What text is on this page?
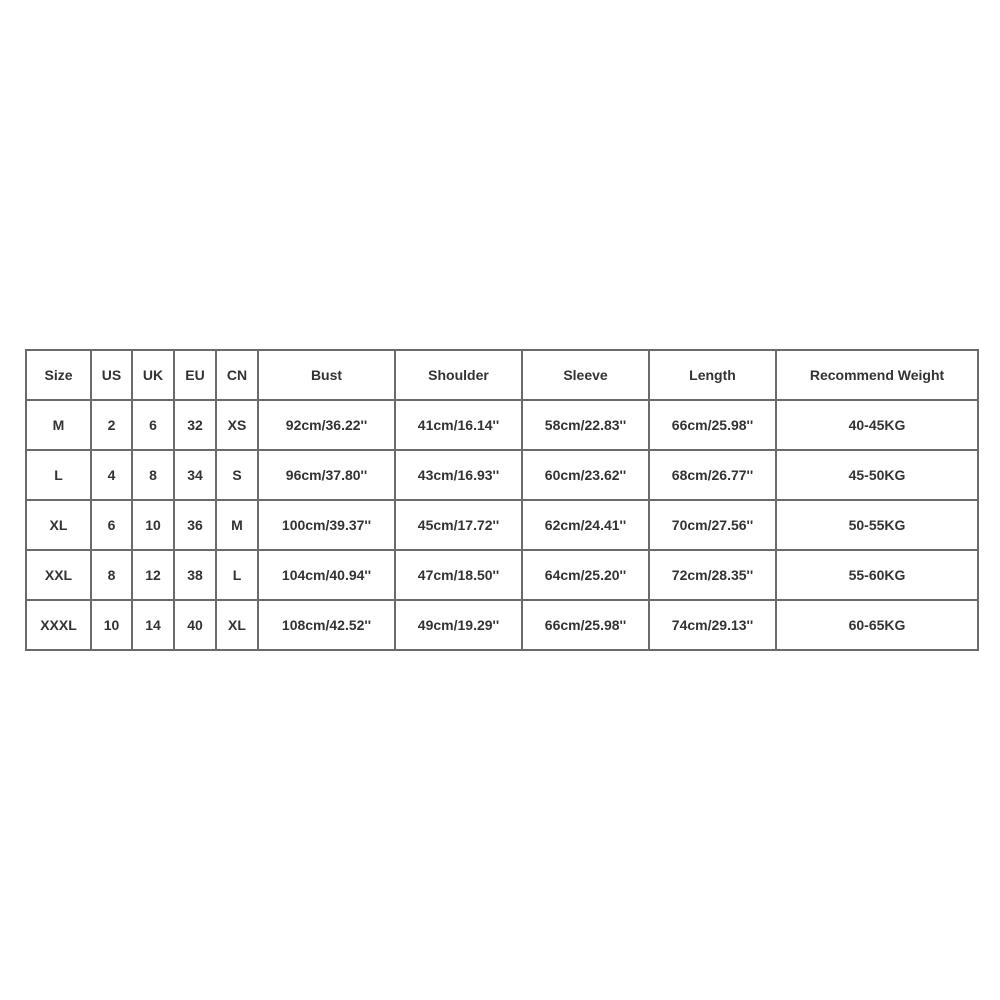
Size	US	UK	EU	CN	Bust	Shoulder	Sleeve	Length	Recommend Weight
M	2	6	32	XS	92cm/36.22''	41cm/16.14''	58cm/22.83''	66cm/25.98''	40-45KG
L	4	8	34	S	96cm/37.80''	43cm/16.93''	60cm/23.62''	68cm/26.77''	45-50KG
XL	6	10	36	M	100cm/39.37''	45cm/17.72''	62cm/24.41''	70cm/27.56''	50-55KG
XXL	8	12	38	L	104cm/40.94''	47cm/18.50''	64cm/25.20''	72cm/28.35''	55-60KG
XXXL	10	14	40	XL	108cm/42.52''	49cm/19.29''	66cm/25.98''	74cm/29.13''	60-65KG
